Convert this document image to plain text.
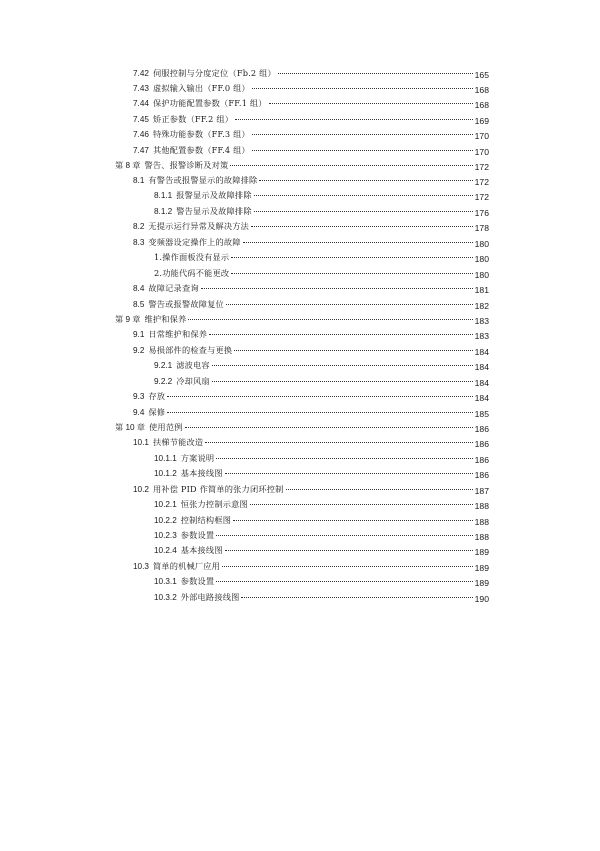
7.42 伺服控制与分度定位（Fb.2 组）	165
7.43 虚拟输入输出（FF.0 组）	168
7.44 保护功能配置参数（FF.1 组）	168
7.45 矫正参数（FF.2 组）	169
7.46 特殊功能参数（FF.3 组）	170
7.47 其他配置参数（FF.4 组）	170
第 8 章 警告、报警诊断及对策	172
8.1 有警告或报警显示的故障排除	172
8.1.1 报警显示及故障排除	172
8.1.2 警告显示及故障排除	176
8.2 无提示运行异常及解决方法	178
8.3 变频器设定操作上的故障	180
1.操作面板没有显示	180
2.功能代码不能更改	180
8.4 故障记录查询	181
8.5 警告或报警故障复位	182
第 9 章 维护和保养	183
9.1 日常维护和保养	183
9.2 易损部件的检查与更换	184
9.2.1 滤波电容	184
9.2.2 冷却风扇	184
9.3 存放	184
9.4 保修	185
第 10 章 使用范例	186
10.1 扶梯节能改造	186
10.1.1 方案说明	186
10.1.2 基本接线图	186
10.2 用补偿 PID 作简单的张力闭环控制	187
10.2.1 恒张力控制示意图	188
10.2.2 控制结构框图	188
10.2.3 参数设置	188
10.2.4 基本接线图	189
10.3 简单的机械厂应用	189
10.3.1 参数设置	189
10.3.2 外部电路接线图	190
